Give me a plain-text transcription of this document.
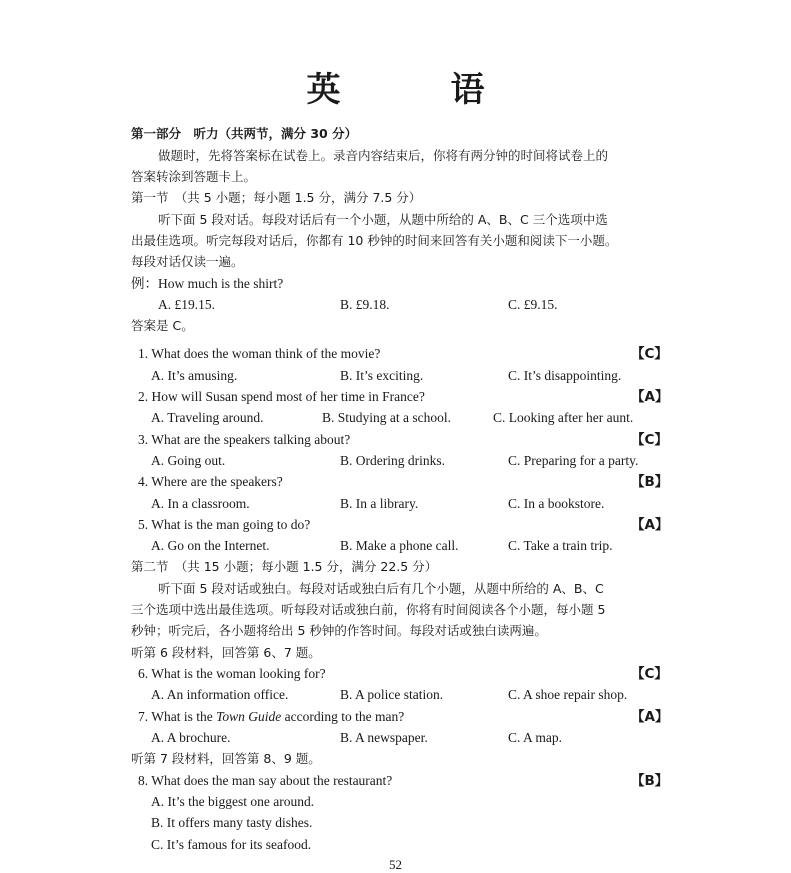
英　语
第一部分　听力（共两节，满分 30 分）
做题时，先将答案标在试卷上。录音内容结束后，你将有两分钟的时间将试卷上的
答案转涂到答题卡上。
第一节　（共 5 小题；每小题 1.5 分，满分 7.5 分）
听下面 5 段对话。每段对话后有一个小题，从题中所给的 A、B、C 三个选项中选
出最佳选项。听完每段对话后，你都有 10 秒钟的时间来回答有关小题和阅读下一小题。
每段对话仅读一遍。
例：How much is the shirt?
A. £19.15.	B. £9.18.	C. £9.15.
答案是 C。
1. What does the woman think of the movie?	【C】
A. It’s amusing.	B. It’s exciting.	C. It’s disappointing.
2. How will Susan spend most of her time in France?	【A】
A. Traveling around.	B. Studying at a school.	C. Looking after her aunt.
3. What are the speakers talking about?	【C】
A. Going out.	B. Ordering drinks.	C. Preparing for a party.
4. Where are the speakers?	【B】
A. In a classroom.	B. In a library.	C. In a bookstore.
5. What is the man going to do?	【A】
A. Go on the Internet.	B. Make a phone call.	C. Take a train trip.
第二节　（共 15 小题；每小题 1.5 分，满分 22.5 分）
听下面 5 段对话或独白。每段对话或独白后有几个小题，从题中所给的 A、B、C
三个选项中选出最佳选项。听每段对话或独白前，你将有时间阅读各个小题，每小题 5
秒钟；听完后，各小题将给出 5 秒钟的作答时间。每段对话或独白读两遍。
听第 6 段材料，回答第 6、7 题。
6. What is the woman looking for?	【C】
A. An information office.	B. A police station.	C. A shoe repair shop.
7. What is the Town Guide according to the man?	【A】
A. A brochure.	B. A newspaper.	C. A map.
听第 7 段材料，回答第 8、9 题。
8. What does the man say about the restaurant?	【B】
A. It’s the biggest one around.
B. It offers many tasty dishes.
C. It’s famous for its seafood.
52
